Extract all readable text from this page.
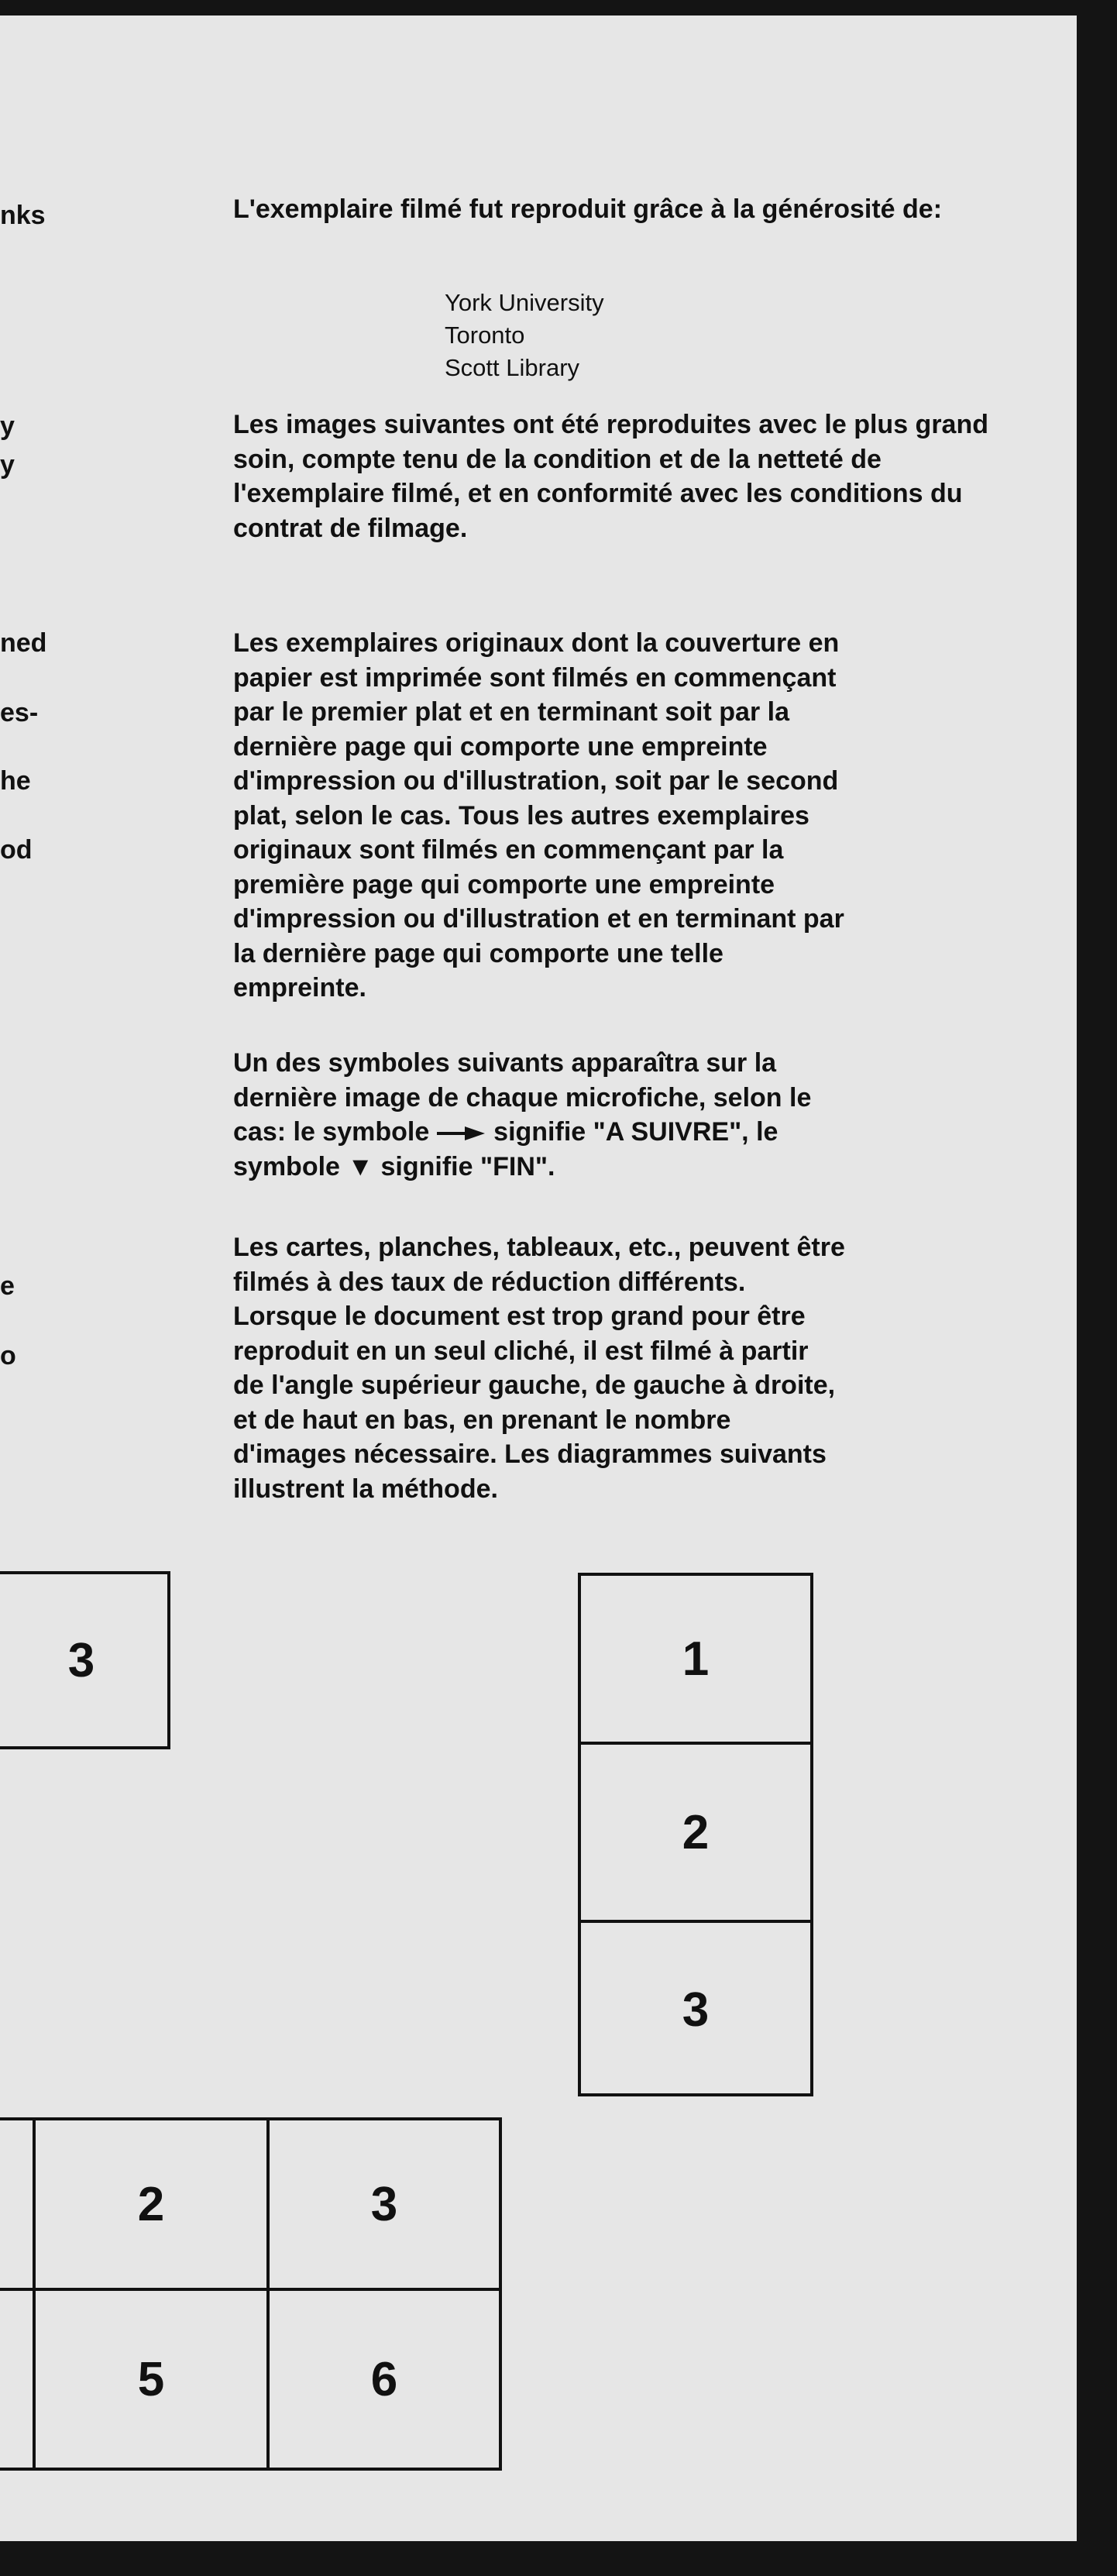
nks
y
y
ned
es-
he
od
e
o
L'exemplaire filmé fut reproduit grâce à la générosité de:
York University
Toronto
Scott Library

Les images suivantes ont été reproduites avec le plus grand soin, compte tenu de la condition et de la netteté de l'exemplaire filmé, et en conformité avec les conditions du contrat de filmage.

Les exemplaires originaux dont la couverture en
papier est imprimée sont filmés en commençant
par le premier plat et en terminant soit par la
dernière page qui comporte une empreinte
d'impression ou d'illustration, soit par le second
plat, selon le cas. Tous les autres exemplaires
originaux sont filmés en commençant par la
première page qui comporte une empreinte
d'impression ou d'illustration et en terminant par
la dernière page qui comporte une telle
empreinte.
Un des symboles suivants apparaîtra sur la
dernière image de chaque microfiche, selon le
cas: le symbole signifie "A SUIVRE", le
symbole ▼ signifie "FIN".
Les cartes, planches, tableaux, etc., peuvent être
filmés à des taux de réduction différents.
Lorsque le document est trop grand pour être
reproduit en un seul cliché, il est filmé à partir
de l'angle supérieur gauche, de gauche à droite,
et de haut en bas, en prenant le nombre
d'images nécessaire. Les diagrammes suivants
illustrent la méthode.
3	1
2
3
2	3
5	6
